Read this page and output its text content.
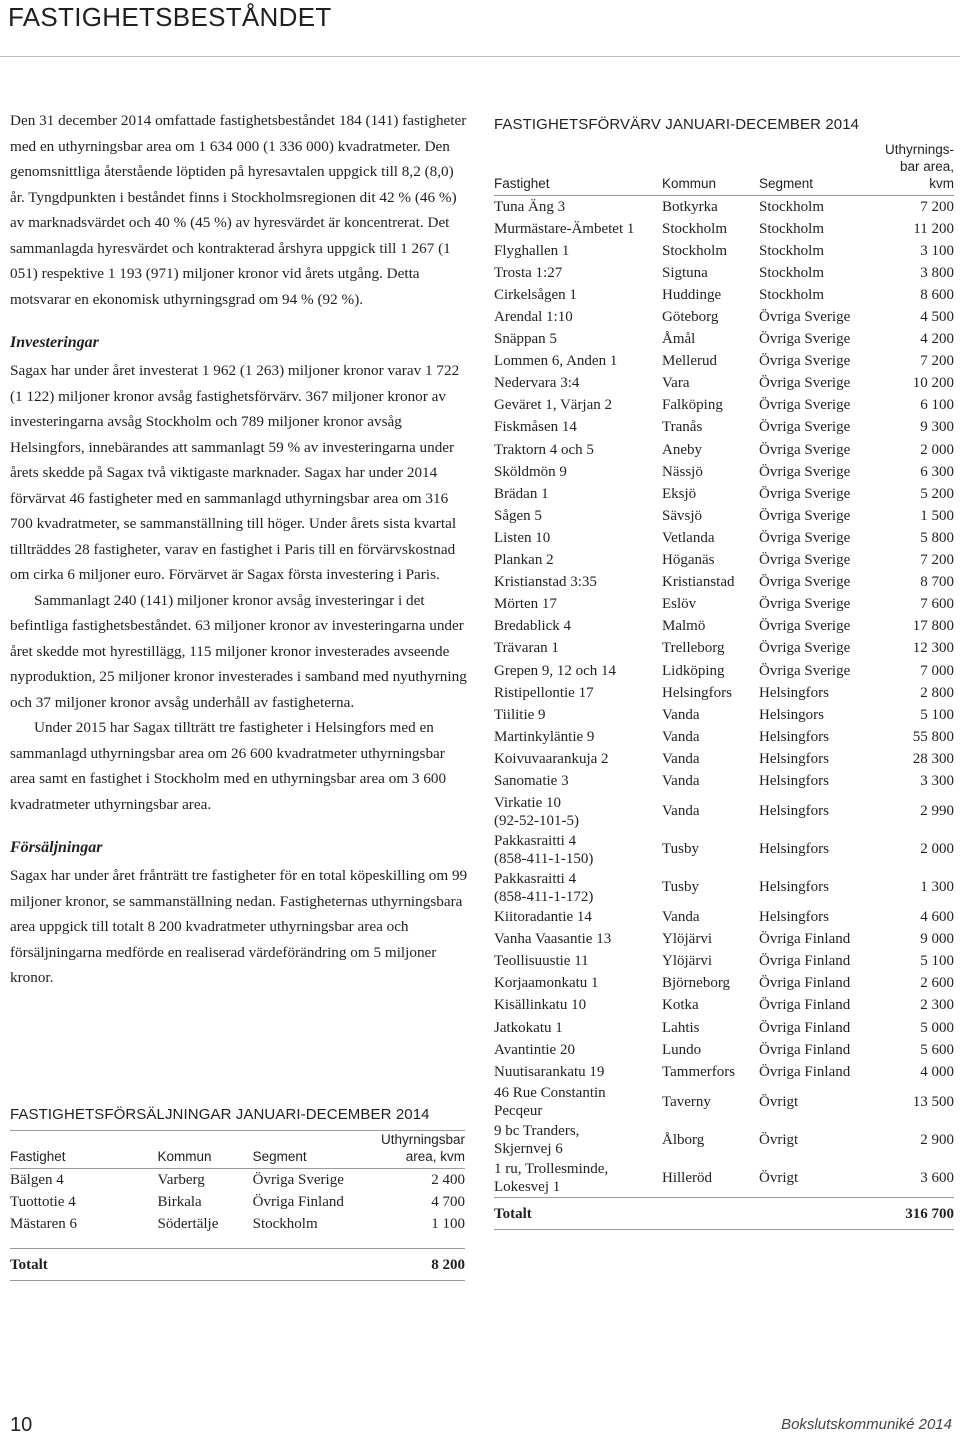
FASTIGHETSBESTÅNDET

Den 31 december 2014 omfattade fastighetsbeståndet 184 (141) fastigheter med en uthyrningsbar area om 1 634 000 (1 336 000) kvadratmeter. Den genomsnittliga återstående löptiden på hyresavtalen uppgick till 8,2 (8,0) år. Tyngdpunkten i beståndet finns i Stockholmsregionen dit 42 % (46 %) av marknadsvärdet och 40 % (45 %) av hyresvärdet är koncentrerat. Det sammanlagda hyresvärdet och kontrakterad årshyra uppgick till 1 267 (1 051) respektive 1 193 (971) miljoner kronor vid årets utgång. Detta motsvarar en ekonomisk uthyrningsgrad om 94 % (92 %).

Investeringar

Sagax har under året investerat 1 962 (1 263) miljoner kronor varav 1 722 (1 122) miljoner kronor avsåg fastighetsförvärv. 367 miljoner kronor av investeringarna avsåg Stockholm och 789 miljoner kronor avsåg Helsingfors, innebärandes att sammanlagt 59 % av investeringarna under årets skedde på Sagax två viktigaste marknader. Sagax har under 2014 förvärvat 46 fastigheter med en sammanlagd uthyrningsbar area om 316 700 kvadratmeter, se sammanställning till höger. Under årets sista kvartal tillträddes 28 fastigheter, varav en fastighet i Paris till en förvärvskostnad om cirka 6 miljoner euro. Förvärvet är Sagax första investering i Paris.

Sammanlagt 240 (141) miljoner kronor avsåg investeringar i det befintliga fastighetsbeståndet. 63 miljoner kronor av investeringarna under året skedde mot hyrestillägg, 115 miljoner kronor investerades avseende nyproduktion, 25 miljoner kronor investerades i samband med nyuthyrning och 37 miljoner kronor avsåg underhåll av fastigheterna.

Under 2015 har Sagax tillträtt tre fastigheter i Helsingfors med en sammanlagd uthyrningsbar area om 26 600 kvadratmeter uthyrningsbar area samt en fastighet i Stockholm med en uthyrningsbar area om 3 600 kvadratmeter uthyrningsbar area.

Försäljningar

Sagax har under året frånträtt tre fastigheter för en total köpeskilling om 99 miljoner kronor, se sammanställning nedan. Fastigheternas uthyrningsbara area uppgick till totalt 8 200 kvadratmeter uthyrningsbar area och försäljningarna medförde en realiserad värdeförändring om 5 miljoner kronor.

FASTIGHETSFÖRSÄLJNINGAR JANUARI-DECEMBER 2014
Fastighet	Kommun	Segment	Uthyrningsbar
area, kvm
Bälgen 4	Varberg	Övriga Sverige	2 400
Tuottotie 4	Birkala	Övriga Finland	4 700
Mästaren 6	Södertälje	Stockholm	1 100

Totalt			8 200
FASTIGHETSFÖRVÄRV JANUARI-DECEMBER 2014
Fastighet	Kommun	Segment	Uthyrnings-
bar area,
kvm
Tuna Äng 3	Botkyrka	Stockholm	7 200
Murmästare-Ämbetet 1	Stockholm	Stockholm	11 200
Flyghallen 1	Stockholm	Stockholm	3 100
Trosta 1:27	Sigtuna	Stockholm	3 800
Cirkelsågen 1	Huddinge	Stockholm	8 600
Arendal 1:10	Göteborg	Övriga Sverige	4 500
Snäppan 5	Åmål	Övriga Sverige	4 200
Lommen 6, Anden 1	Mellerud	Övriga Sverige	7 200
Nedervara 3:4	Vara	Övriga Sverige	10 200
Geväret 1, Värjan 2	Falköping	Övriga Sverige	6 100
Fiskmåsen 14	Tranås	Övriga Sverige	9 300
Traktorn 4 och 5	Aneby	Övriga Sverige	2 000
Sköldmön 9	Nässjö	Övriga Sverige	6 300
Brädan 1	Eksjö	Övriga Sverige	5 200
Sågen 5	Sävsjö	Övriga Sverige	1 500
Listen 10	Vetlanda	Övriga Sverige	5 800
Plankan 2	Höganäs	Övriga Sverige	7 200
Kristianstad 3:35	Kristianstad	Övriga Sverige	8 700
Mörten 17	Eslöv	Övriga Sverige	7 600
Bredablick 4	Malmö	Övriga Sverige	17 800
Trävaran 1	Trelleborg	Övriga Sverige	12 300
Grepen 9, 12 och 14	Lidköping	Övriga Sverige	7 000
Ristipellontie 17	Helsingfors	Helsingfors	2 800
Tiilitie 9	Vanda	Helsingors	5 100
Martinkyläntie 9	Vanda	Helsingfors	55 800
Koivuvaarankuja 2	Vanda	Helsingfors	28 300
Sanomatie 3	Vanda	Helsingfors	3 300
Virkatie 10
(92-52-101-5)	Vanda	Helsingfors	2 990
Pakkasraitti 4
(858-411-1-150)	Tusby	Helsingfors	2 000
Pakkasraitti 4
(858-411-1-172)	Tusby	Helsingfors	1 300
Kiitoradantie 14	Vanda	Helsingfors	4 600
Vanha Vaasantie 13	Ylöjärvi	Övriga Finland	9 000
Teollisuustie 11	Ylöjärvi	Övriga Finland	5 100
Korjaamonkatu 1	Björneborg	Övriga Finland	2 600
Kisällinkatu 10	Kotka	Övriga Finland	2 300
Jatkokatu 1	Lahtis	Övriga Finland	5 000
Avantintie 20	Lundo	Övriga Finland	5 600
Nuutisarankatu 19	Tammerfors	Övriga Finland	4 000
46 Rue Constantin
Pecqeur	Taverny	Övrigt	13 500
9 bc Tranders,
Skjernvej 6	Ålborg	Övrigt	2 900
1 ru, Trollesminde,
Lokesvej 1	Hilleröd	Övrigt	3 600
Totalt			316 700
10	Bokslutskommuniké 2014
